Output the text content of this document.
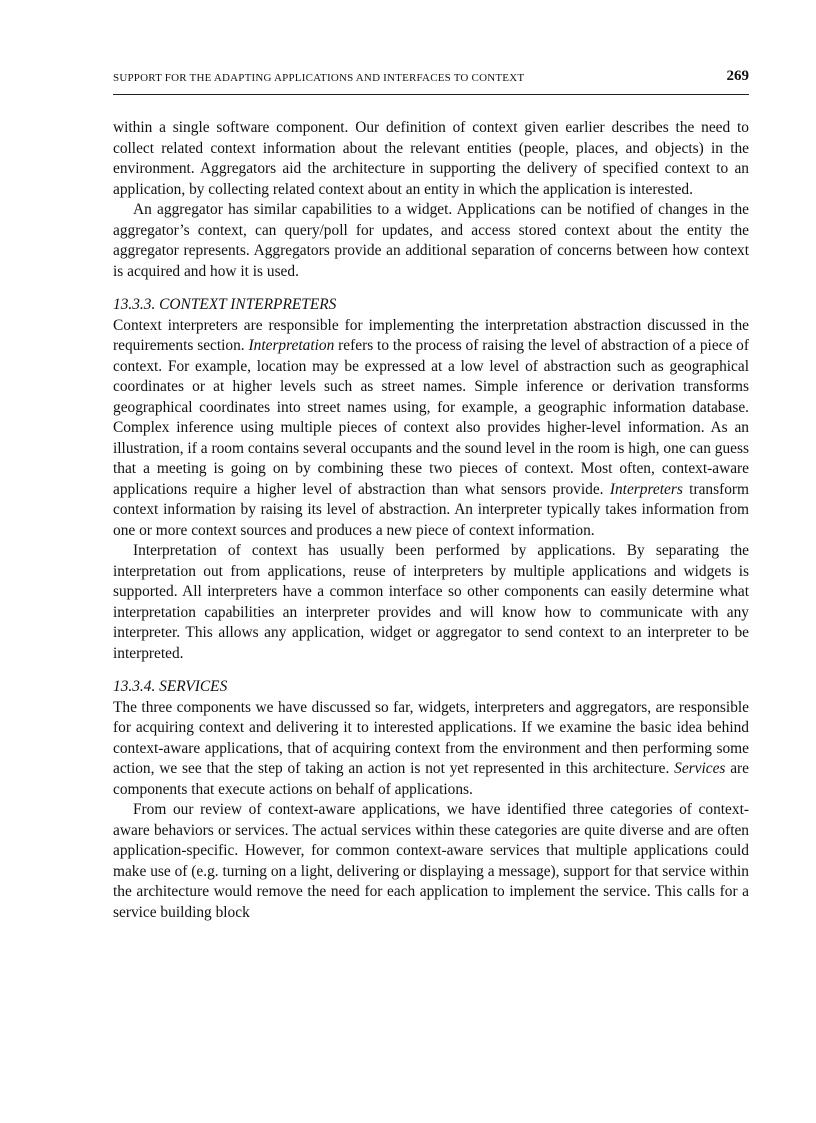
SUPPORT FOR THE ADAPTING APPLICATIONS AND INTERFACES TO CONTEXT	269

within a single software component. Our definition of context given earlier describes the need to collect related context information about the relevant entities (people, places, and objects) in the environment. Aggregators aid the architecture in supporting the delivery of specified context to an application, by collecting related context about an entity in which the application is interested.

An aggregator has similar capabilities to a widget. Applications can be notified of changes in the aggregator’s context, can query/poll for updates, and access stored context about the entity the aggregator represents. Aggregators provide an additional separation of concerns between how context is acquired and how it is used.

13.3.3. CONTEXT INTERPRETERS

Context interpreters are responsible for implementing the interpretation abstraction discussed in the requirements section. Interpretation refers to the process of raising the level of abstraction of a piece of context. For example, location may be expressed at a low level of abstraction such as geographical coordinates or at higher levels such as street names. Simple inference or derivation transforms geographical coordinates into street names using, for example, a geographic information database. Complex inference using multiple pieces of context also provides higher-level information. As an illustration, if a room contains several occupants and the sound level in the room is high, one can guess that a meeting is going on by combining these two pieces of context. Most often, context-aware applications require a higher level of abstraction than what sensors provide. Interpreters transform context information by raising its level of abstraction. An interpreter typically takes information from one or more context sources and produces a new piece of context information.

Interpretation of context has usually been performed by applications. By separating the interpretation out from applications, reuse of interpreters by multiple applications and widgets is supported. All interpreters have a common interface so other components can easily determine what interpretation capabilities an interpreter provides and will know how to communicate with any interpreter. This allows any application, widget or aggregator to send context to an interpreter to be interpreted.

13.3.4. SERVICES

The three components we have discussed so far, widgets, interpreters and aggregators, are responsible for acquiring context and delivering it to interested applications. If we examine the basic idea behind context-aware applications, that of acquiring context from the environment and then performing some action, we see that the step of taking an action is not yet represented in this architecture. Services are components that execute actions on behalf of applications.

From our review of context-aware applications, we have identified three categories of context-aware behaviors or services. The actual services within these categories are quite diverse and are often application-specific. However, for common context-aware services that multiple applications could make use of (e.g. turning on a light, delivering or displaying a message), support for that service within the architecture would remove the need for each application to implement the service. This calls for a service building block
